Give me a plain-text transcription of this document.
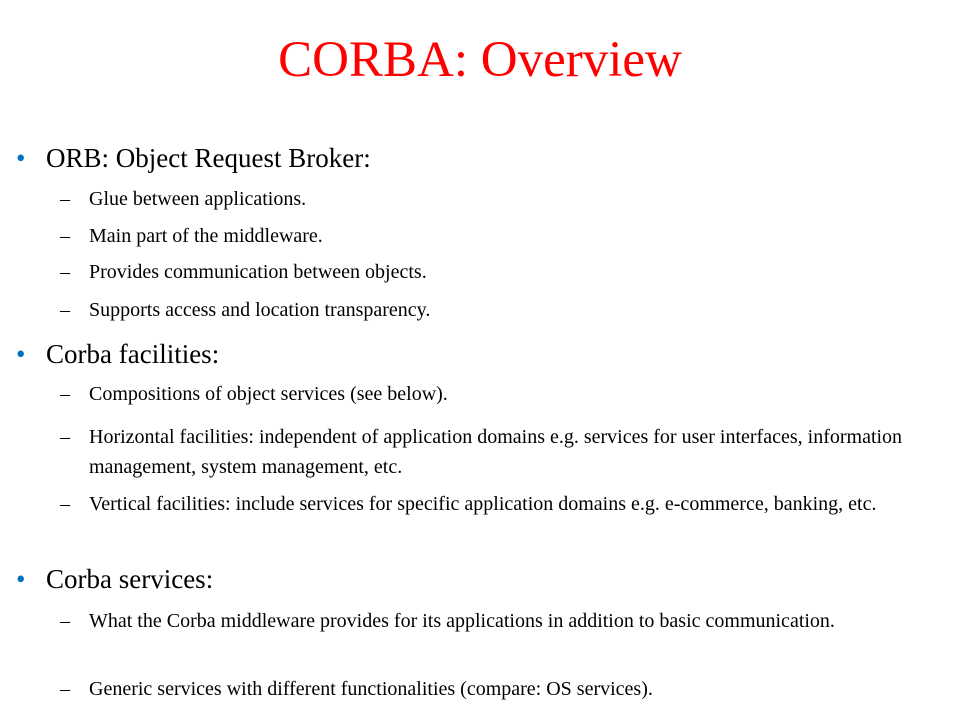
CORBA: Overview
• ORB: Object Request Broker:
– Glue between applications.
– Main part of the middleware.
– Provides communication between objects.
– Supports access and location transparency.
• Corba facilities:
– Compositions of object services (see below).
– Horizontal facilities: independent of application domains e.g. services for user interfaces, information management, system management, etc.
– Vertical facilities: include services for specific application domains e.g. e-commerce, banking, etc.
• Corba services:
– What the Corba middleware provides for its applications in addition to basic communication.
– Generic services with different functionalities (compare: OS services).
